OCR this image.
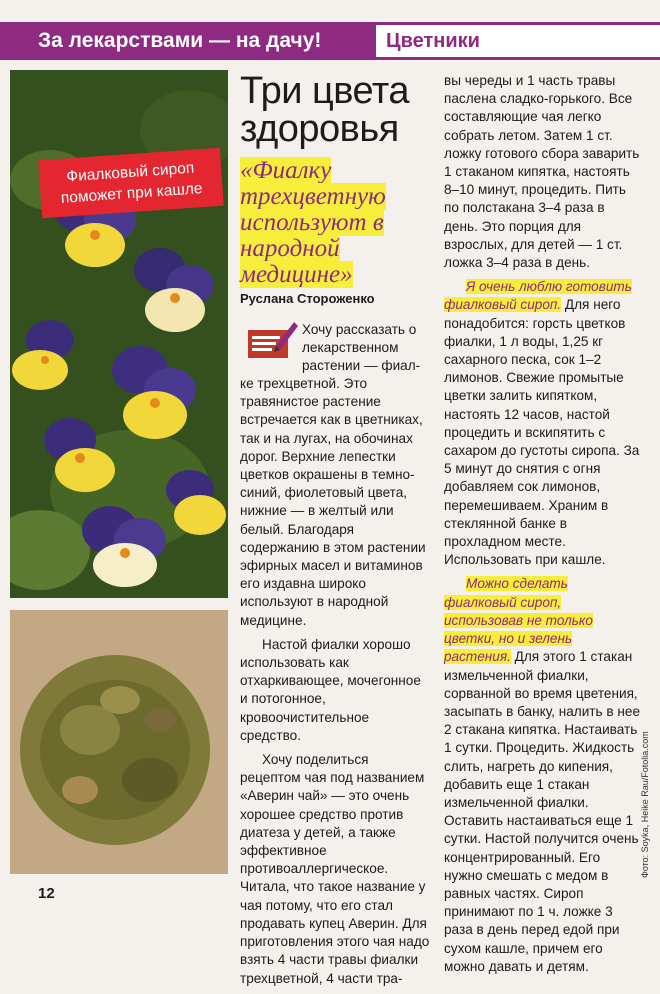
За лекарствами — на дачу!	Цветники
Фиалковый сироп поможет при кашле
Три цвета здоровья
«Фиалку трехцветную используют в народной медицине»
Руслана Стороженко

Хочу рассказать о лекарственном растении — фиал-

ке трехцветной. Это травянистое растение встречается как в цветниках, так и на лугах, на обочинах дорог. Верхние лепестки цветков окрашены в темно-синий, фиолетовый цвета, нижние — в желтый или белый. Благодаря содержанию в этом растении эфирных масел и витаминов его издавна широко используют в народной медицине.

Настой фиалки хорошо использовать как отхаркивающее, мочегонное и потогонное, кровоочистительное средство.

Хочу поделиться рецептом чая под названием «Аверин чай» — это очень хорошее средство против диатеза у детей, а также эффективное противоаллергическое. Читала, что такое название у чая потому, что его стал продавать купец Аверин. Для приготовления этого чая надо взять 4 части травы фиалки трехцветной, 4 части тра-

вы череды и 1 часть травы паслена сладко-горького. Все составляющие чая легко собрать летом. Затем 1 ст. ложку готового сбора заварить 1 стаканом кипятка, настоять 8–10 минут, процедить. Пить по полстакана 3–4 раза в день. Это порция для взрослых, для детей — 1 ст. ложка 3–4 раза в день.

Я очень люблю готовить фиалковый сироп. Для него понадобится: горсть цветков фиалки, 1 л воды, 1,25 кг сахарного песка, сок 1–2 лимонов. Свежие промытые цветки залить кипятком, настоять 12 часов, настой процедить и вскипятить с сахаром до густоты сиропа. За 5 минут до снятия с огня добавляем сок лимонов, перемешиваем. Храним в стеклянной банке в прохладном месте. Использовать при кашле.

Можно сделать фиалковый сироп, использовав не только цветки, но и зелень растения. Для этого 1 стакан измельченной фиалки, сорванной во время цветения, засыпать в банку, налить в нее 2 стакана кипятка. Настаивать 1 сутки. Процедить. Жидкость слить, нагреть до кипения, добавить еще 1 стакан измельченной фиалки. Оставить настаиваться еще 1 сутки. Настой получится очень концентрированный. Его нужно смешать с медом в равных частях. Сироп принимают по 1 ч. ложке 3 раза в день перед едой при сухом кашле, причем его можно давать и детям.

12
Фото: Soyka, Heike Rau/Fotolia.com
